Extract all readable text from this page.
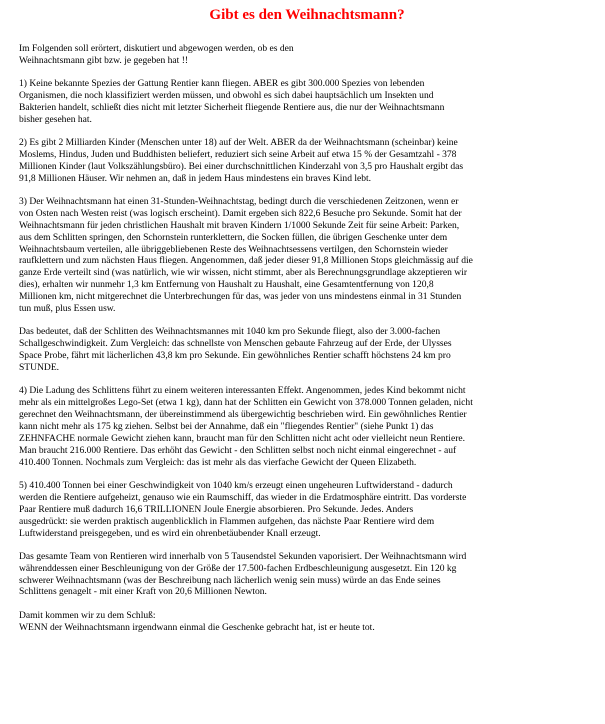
Gibt es den Weihnachtsmann?

Im Folgenden soll erörtert, diskutiert und abgewogen werden, ob es den
Weihnachtsmann gibt bzw. je gegeben hat !!

1) Keine bekannte Spezies der Gattung Rentier kann fliegen. ABER es gibt 300.000 Spezies von lebenden
Organismen, die noch klassifiziert werden müssen, und obwohl es sich dabei hauptsächlich um Insekten und
Bakterien handelt, schließt dies nicht mit letzter Sicherheit fliegende Rentiere aus, die nur der Weihnachtsmann
bisher gesehen hat.

2) Es gibt 2 Milliarden Kinder (Menschen unter 18) auf der Welt. ABER da der Weihnachtsmann (scheinbar) keine
Moslems, Hindus, Juden und Buddhisten beliefert, reduziert sich seine Arbeit auf etwa 15 % der Gesamtzahl - 378
Millionen Kinder (laut Volkszählungsbüro). Bei einer durchschnittlichen Kinderzahl von 3,5 pro Haushalt ergibt das
91,8 Millionen Häuser. Wir nehmen an, daß in jedem Haus mindestens ein braves Kind lebt.

3) Der Weihnachtsmann hat einen 31-Stunden-Weihnachtstag, bedingt durch die verschiedenen Zeitzonen, wenn er
von Osten nach Westen reist (was logisch erscheint). Damit ergeben sich 822,6 Besuche pro Sekunde. Somit hat der
Weihnachtsmann für jeden christlichen Haushalt mit braven Kindern 1/1000 Sekunde Zeit für seine Arbeit: Parken,
aus dem Schlitten springen, den Schornstein runterklettern, die Socken füllen, die übrigen Geschenke unter dem
Weihnachtsbaum verteilen, alle übriggebliebenen Reste des Weihnachtsessens vertilgen, den Schornstein wieder
raufklettern und zum nächsten Haus fliegen. Angenommen, daß jeder dieser 91,8 Millionen Stops gleichmässig auf die
ganze Erde verteilt sind (was natürlich, wie wir wissen, nicht stimmt, aber als Berechnungsgrundlage akzeptieren wir
dies), erhalten wir nunmehr 1,3 km Entfernung von Haushalt zu Haushalt, eine Gesamtentfernung von 120,8
Millionen km, nicht mitgerechnet die Unterbrechungen für das, was jeder von uns mindestens einmal in 31 Stunden
tun muß, plus Essen usw.

Das bedeutet, daß der Schlitten des Weihnachtsmannes mit 1040 km pro Sekunde fliegt, also der 3.000-fachen
Schallgeschwindigkeit. Zum Vergleich: das schnellste von Menschen gebaute Fahrzeug auf der Erde, der Ulysses
Space Probe, fährt mit lächerlichen 43,8 km pro Sekunde. Ein gewöhnliches Rentier schafft höchstens 24 km pro
STUNDE.

4) Die Ladung des Schlittens führt zu einem weiteren interessanten Effekt. Angenommen, jedes Kind bekommt nicht
mehr als ein mittelgroßes Lego-Set (etwa 1 kg), dann hat der Schlitten ein Gewicht von 378.000 Tonnen geladen, nicht
gerechnet den Weihnachtsmann, der übereinstimmend als übergewichtig beschrieben wird. Ein gewöhnliches Rentier
kann nicht mehr als 175 kg ziehen. Selbst bei der Annahme, daß ein "fliegendes Rentier" (siehe Punkt 1) das
ZEHNFACHE normale Gewicht ziehen kann, braucht man für den Schlitten nicht acht oder vielleicht neun Rentiere.
Man braucht 216.000 Rentiere. Das erhöht das Gewicht - den Schlitten selbst noch nicht einmal eingerechnet - auf
410.400 Tonnen. Nochmals zum Vergleich: das ist mehr als das vierfache Gewicht der Queen Elizabeth.

5) 410.400 Tonnen bei einer Geschwindigkeit von 1040 km/s erzeugt einen ungeheuren Luftwiderstand - dadurch
werden die Rentiere aufgeheizt, genauso wie ein Raumschiff, das wieder in die Erdatmosphäre eintritt. Das vorderste
Paar Rentiere muß dadurch 16,6 TRILLIONEN Joule Energie absorbieren. Pro Sekunde. Jedes. Anders
ausgedrückt: sie werden praktisch augenblicklich in Flammen aufgehen, das nächste Paar Rentiere wird dem
Luftwiderstand preisgegeben, und es wird ein ohrenbetäubender Knall erzeugt.

Das gesamte Team von Rentieren wird innerhalb von 5 Tausendstel Sekunden vaporisiert. Der Weihnachtsmann wird
währenddessen einer Beschleunigung von der Größe der 17.500-fachen Erdbeschleunigung ausgesetzt. Ein 120 kg
schwerer Weihnachtsmann (was der Beschreibung nach lächerlich wenig sein muss) würde an das Ende seines
Schlittens genagelt - mit einer Kraft von 20,6 Millionen Newton.

Damit kommen wir zu dem Schluß:
WENN der Weihnachtsmann irgendwann einmal die Geschenke gebracht hat, ist er heute tot.
